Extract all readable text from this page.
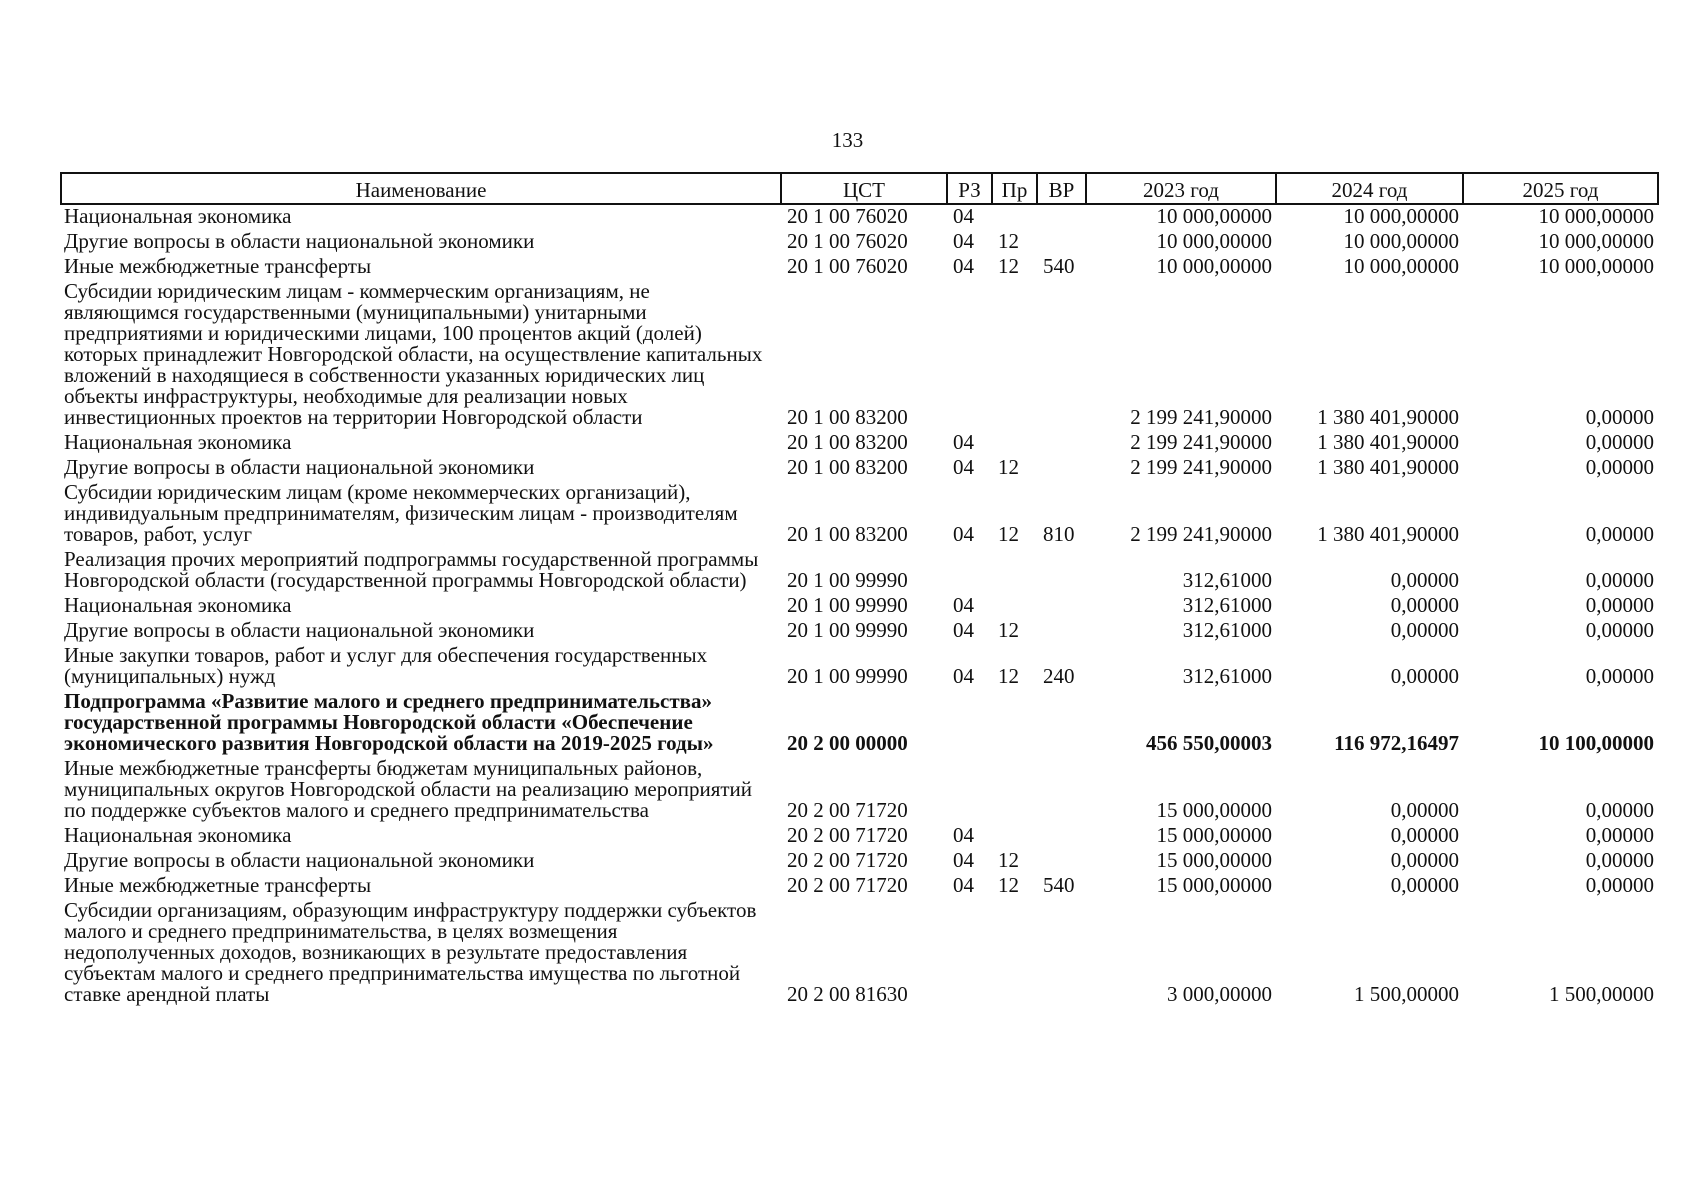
133
Наименование	ЦСТ	РЗ	Пр	ВР	2023 год	2024 год	2025 год
Национальная экономика	20 1 00 76020	04			10 000,00000	10 000,00000	10 000,00000
Другие вопросы в области национальной экономики	20 1 00 76020	04	12		10 000,00000	10 000,00000	10 000,00000
Иные межбюджетные трансферты	20 1 00 76020	04	12	540	10 000,00000	10 000,00000	10 000,00000
Субсидии юридическим лицам - коммерческим организациям, не являющимся государственными (муниципальными) унитарными предприятиями и юридическими лицами, 100 процентов акций (долей) которых принадлежит Новгородской области, на осуществление капитальных вложений в находящиеся в собственности указанных юридических лиц объекты инфраструктуры, необходимые для реализации новых инвестиционных проектов на территории Новгородской области	20 1 00 83200				2 199 241,90000	1 380 401,90000	0,00000
Национальная экономика	20 1 00 83200	04			2 199 241,90000	1 380 401,90000	0,00000
Другие вопросы в области национальной экономики	20 1 00 83200	04	12		2 199 241,90000	1 380 401,90000	0,00000
Субсидии юридическим лицам (кроме некоммерческих организаций), индивидуальным предпринимателям, физическим лицам - производителям товаров, работ, услуг	20 1 00 83200	04	12	810	2 199 241,90000	1 380 401,90000	0,00000
Реализация прочих мероприятий подпрограммы государственной программы Новгородской области (государственной программы Новгородской области)	20 1 00 99990				312,61000	0,00000	0,00000
Национальная экономика	20 1 00 99990	04			312,61000	0,00000	0,00000
Другие вопросы в области национальной экономики	20 1 00 99990	04	12		312,61000	0,00000	0,00000
Иные закупки товаров, работ и услуг для обеспечения государственных (муниципальных) нужд	20 1 00 99990	04	12	240	312,61000	0,00000	0,00000
Подпрограмма «Развитие малого и среднего предпринимательства» государственной программы Новгородской области «Обеспечение экономического развития Новгородской области на 2019-2025 годы»	20 2 00 00000				456 550,00003	116 972,16497	10 100,00000
Иные межбюджетные трансферты бюджетам муниципальных районов, муниципальных округов Новгородской области на реализацию мероприятий по поддержке субъектов малого и среднего предпринимательства	20 2 00 71720				15 000,00000	0,00000	0,00000
Национальная экономика	20 2 00 71720	04			15 000,00000	0,00000	0,00000
Другие вопросы в области национальной экономики	20 2 00 71720	04	12		15 000,00000	0,00000	0,00000
Иные межбюджетные трансферты	20 2 00 71720	04	12	540	15 000,00000	0,00000	0,00000
Субсидии организациям, образующим инфраструктуру поддержки субъектов малого и среднего предпринимательства, в целях возмещения недополученных доходов, возникающих в результате предоставления субъектам малого и среднего предпринимательства имущества по льготной ставке арендной платы	20 2 00 81630				3 000,00000	1 500,00000	1 500,00000
